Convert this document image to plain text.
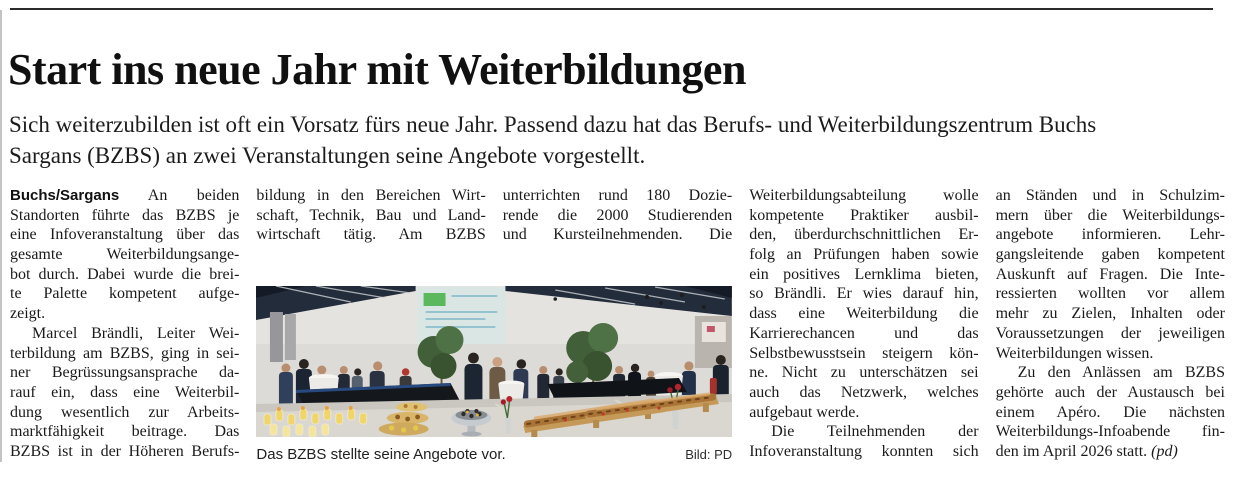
Start ins neue Jahr mit Weiterbildungen

Sich weiterzubilden ist oft ein Vorsatz fürs neue Jahr. Passend dazu hat das Berufs- und Weiterbildungszentrum Buchs Sargans (BZBS) an zwei Veranstaltungen seine Angebote vorgestellt.

Buchs/Sargans An beiden
Standorten führte das BZBS je
eine Infoveranstaltung über das
gesamte Weiterbildungsange-
bot durch. Dabei wurde die brei-
te Palette kompetent aufge-
zeigt.
Marcel Brändli, Leiter Wei-
terbildung am BZBS, ging in sei-
ner Begrüssungsansprache da-
rauf ein, dass eine Weiterbil-
dung wesentlich zur Arbeits-
marktfähigkeit beitrage. Das
BZBS ist in der Höheren Berufs-
bildung in den Bereichen Wirt-
schaft, Technik, Bau und Land-
wirtschaft tätig. Am BZBS
unterrichten rund 180 Dozie-
rende die 2000 Studierenden
und Kursteilnehmenden. Die
Das BZBS stellte seine Angebote vor.	Bild: PD
Weiterbildungsabteilung wolle
kompetente Praktiker ausbil-
den, überdurchschnittlichen Er-
folg an Prüfungen haben sowie
ein positives Lernklima bieten,
so Brändli. Er wies darauf hin,
dass eine Weiterbildung die
Karrierechancen und das
Selbstbewusstsein steigern kön-
ne. Nicht zu unterschätzen sei
auch das Netzwerk, welches
aufgebaut werde.
Die Teilnehmenden der
Infoveranstaltung konnten sich
an Ständen und in Schulzim-
mern über die Weiterbildungs-
angebote informieren. Lehr-
gangsleitende gaben kompetent
Auskunft auf Fragen. Die Inte-
ressierten wollten vor allem
mehr zu Zielen, Inhalten oder
Voraussetzungen der jeweiligen
Weiterbildungen wissen.
Zu den Anlässen am BZBS
gehörte auch der Austausch bei
einem Apéro. Die nächsten
Weiterbildungs-Infoabende fin-
den im April 2026 statt. (pd)
